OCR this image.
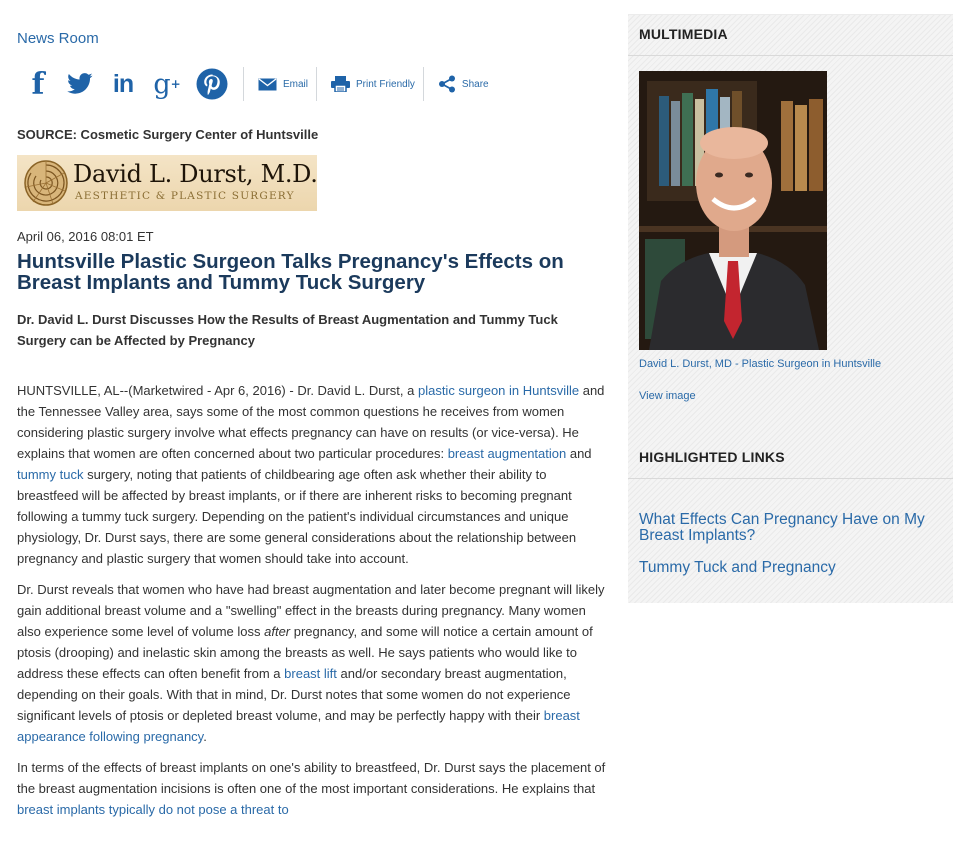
News Room
f	in g +	Email	Print Friendly	Share
SOURCE: Cosmetic Surgery Center of Huntsville
David L. Durst, M.D.
AESTHETIC & PLASTIC SURGERY
April 06, 2016 08:01 ET
Huntsville Plastic Surgeon Talks Pregnancy's Effects on Breast Implants and Tummy Tuck Surgery
Dr. David L. Durst Discusses How the Results of Breast Augmentation and Tummy Tuck Surgery can be Affected by Pregnancy

HUNTSVILLE, AL--(Marketwired - Apr 6, 2016) - Dr. David L. Durst, a plastic surgeon in Huntsville and the Tennessee Valley area, says some of the most common questions he receives from women considering plastic surgery involve what effects pregnancy can have on results (or vice-versa). He explains that women are often concerned about two particular procedures: breast augmentation and tummy tuck surgery, noting that patients of childbearing age often ask whether their ability to breastfeed will be affected by breast implants, or if there are inherent risks to becoming pregnant following a tummy tuck surgery. Depending on the patient's individual circumstances and unique physiology, Dr. Durst says, there are some general considerations about the relationship between pregnancy and plastic surgery that women should take into account.

Dr. Durst reveals that women who have had breast augmentation and later become pregnant will likely gain additional breast volume and a "swelling" effect in the breasts during pregnancy. Many women also experience some level of volume loss after pregnancy, and some will notice a certain amount of ptosis (drooping) and inelastic skin among the breasts as well. He says patients who would like to address these effects can often benefit from a breast lift and/or secondary breast augmentation, depending on their goals. With that in mind, Dr. Durst notes that some women do not experience significant levels of ptosis or depleted breast volume, and may be perfectly happy with their breast appearance following pregnancy.

In terms of the effects of breast implants on one's ability to breastfeed, Dr. Durst says the placement of the breast augmentation incisions is often one of the most important considerations. He explains that breast implants typically do not pose a threat to

MULTIMEDIA
David L. Durst, MD - Plastic Surgeon in Huntsville
View image
HIGHLIGHTED LINKS
What Effects Can Pregnancy Have on My Breast Implants?
Tummy Tuck and Pregnancy
